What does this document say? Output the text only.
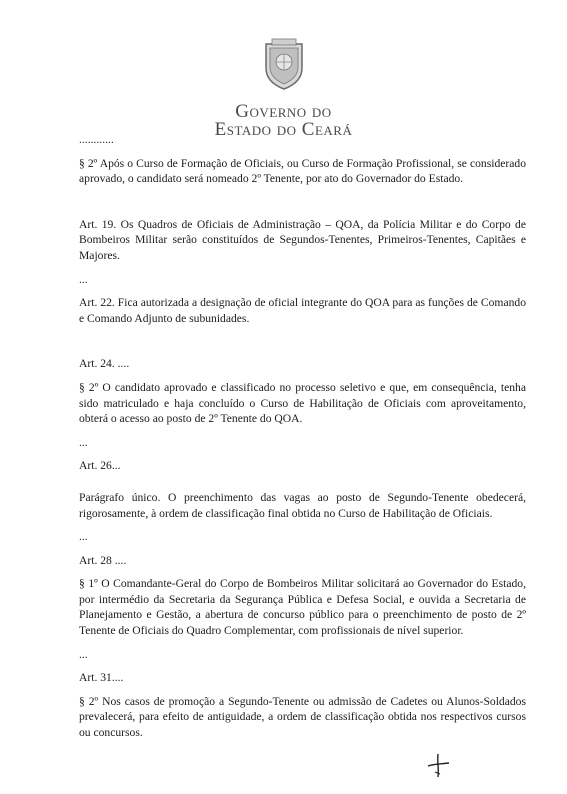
Governo do
Estado do Ceará

............

§ 2º Após o Curso de Formação de Oficiais, ou Curso de Formação Profissional, se considerado aprovado, o candidato será nomeado 2º Tenente, por ato do Governador do Estado.

Art. 19. Os Quadros de Oficiais de Administração – QOA, da Polícia Militar e do Corpo de Bombeiros Militar serão constituídos de Segundos-Tenentes, Primeiros-Tenentes, Capitães e Majores.

...

Art. 22. Fica autorizada a designação de oficial integrante do QOA para as funções de Comando e Comando Adjunto de subunidades.

Art. 24. ....

§ 2º O candidato aprovado e classificado no processo seletivo e que, em consequência, tenha sido matriculado e haja concluído o Curso de Habilitação de Oficiais com aproveitamento, obterá o acesso ao posto de 2º Tenente do QOA.

...

Art. 26...

Parágrafo único. O preenchimento das vagas ao posto de Segundo-Tenente obedecerá, rigorosamente, à ordem de classificação final obtida no Curso de Habilitação de Oficiais.

...

Art. 28 ....

§ 1º O Comandante-Geral do Corpo de Bombeiros Militar solicitará ao Governador do Estado, por intermédio da Secretaria da Segurança Pública e Defesa Social, e ouvida a Secretaria de Planejamento e Gestão, a abertura de concurso público para o preenchimento de posto de 2º Tenente de Oficiais do Quadro Complementar, com profissionais de nível superior.

...

Art. 31....

§ 2º Nos casos de promoção a Segundo-Tenente ou admissão de Cadetes ou Alunos-Soldados prevalecerá, para efeito de antiguidade, a ordem de classificação obtida nos respectivos cursos ou concursos.
